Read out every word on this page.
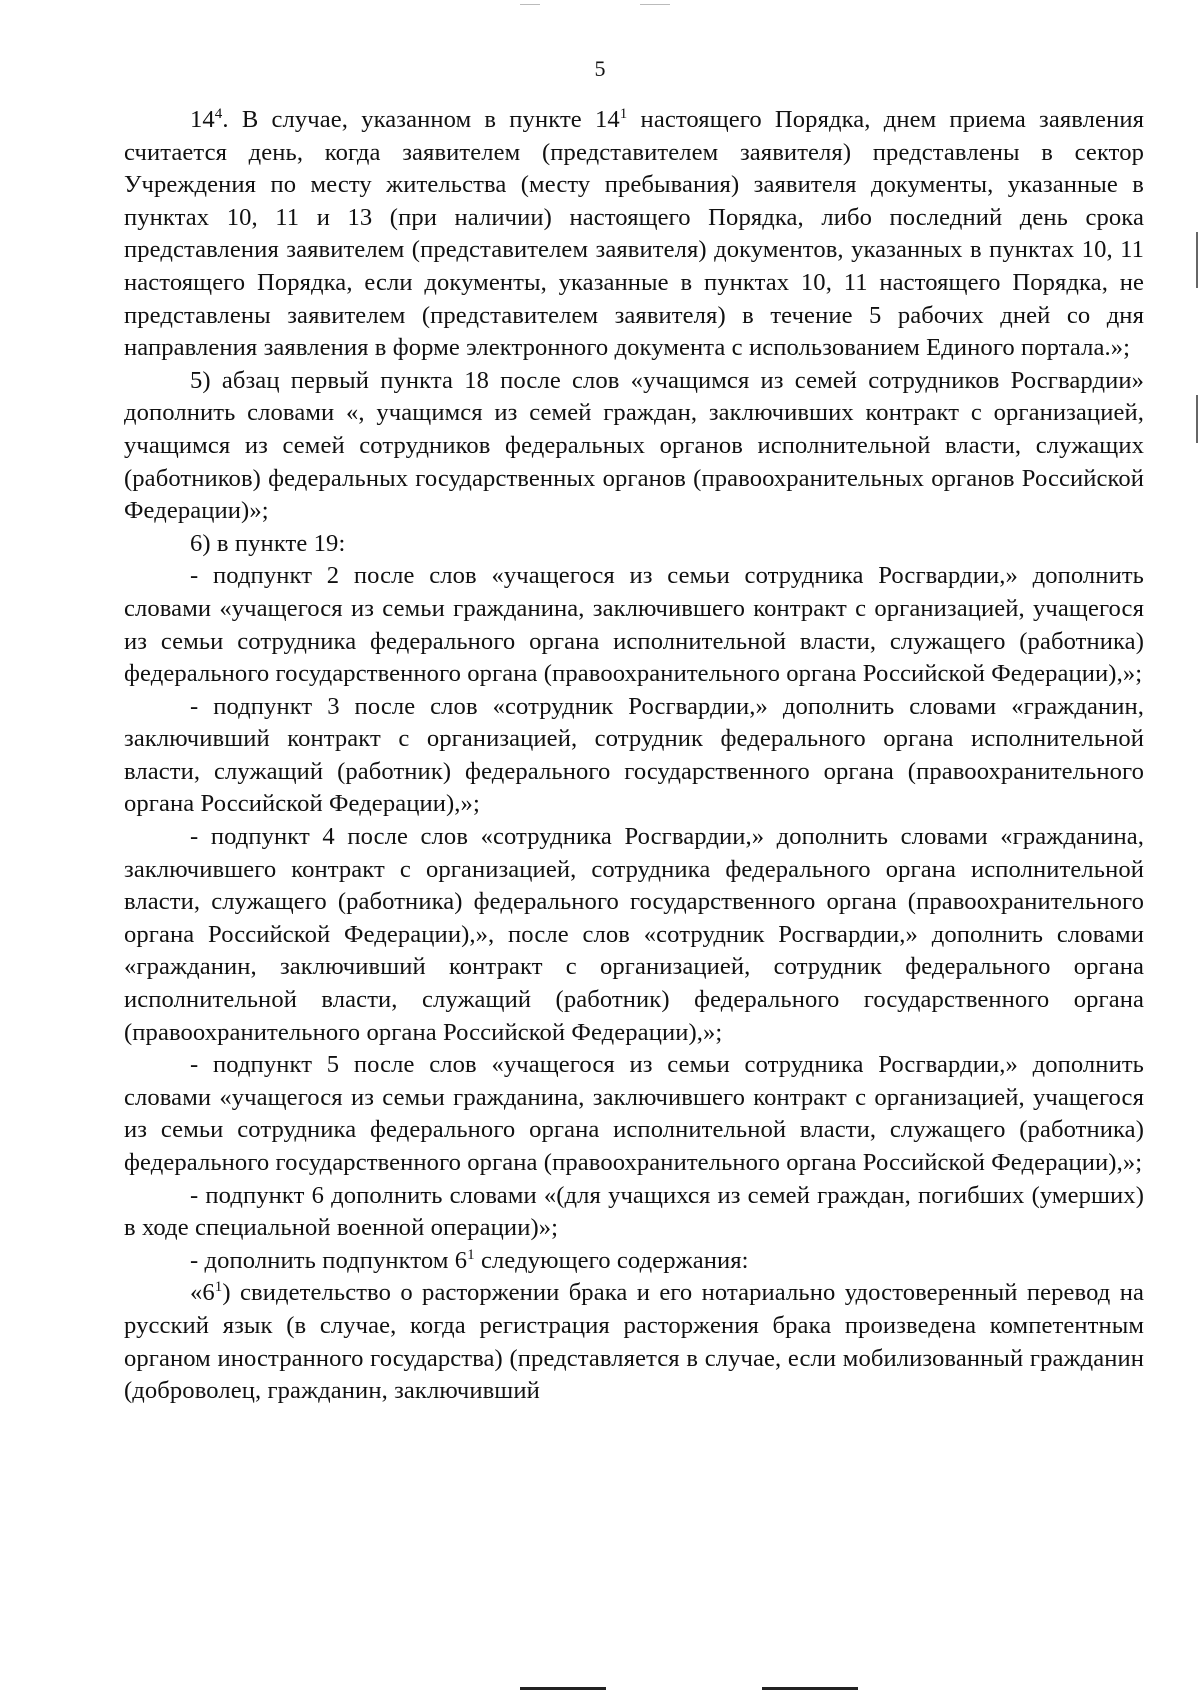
5

$14^4$. В случае, указанном в пункте $14^1$ настоящего Порядка, днем приема заявления считается день, когда заявителем (представителем заявителя) представлены в сектор Учреждения по месту жительства (месту пребывания) заявителя документы, указанные в пунктах 10, 11 и 13 (при наличии) настоящего Порядка, либо последний день срока представления заявителем (представителем заявителя) документов, указанных в пунктах 10, 11 настоящего Порядка, если документы, указанные в пунктах 10, 11 настоящего Порядка, не представлены заявителем (представителем заявителя) в течение 5 рабочих дней со дня направления заявления в форме электронного документа с использованием Единого портала.»;

5) абзац первый пункта 18 после слов «учащимся из семей сотрудников Росгвардии» дополнить словами «, учащимся из семей граждан, заключивших контракт с организацией, учащимся из семей сотрудников федеральных органов исполнительной власти, служащих (работников) федеральных государственных органов (правоохранительных органов Российской Федерации)»;

6) в пункте 19:

- подпункт 2 после слов «учащегося из семьи сотрудника Росгвардии,» дополнить словами «учащегося из семьи гражданина, заключившего контракт с организацией, учащегося из семьи сотрудника федерального органа исполнительной власти, служащего (работника) федерального государственного органа (правоохранительного органа Российской Федерации),»;

- подпункт 3 после слов «сотрудник Росгвардии,» дополнить словами «гражданин, заключивший контракт с организацией, сотрудник федерального органа исполнительной власти, служащий (работник) федерального государственного органа (правоохранительного органа Российской Федерации),»;

- подпункт 4 после слов «сотрудника Росгвардии,» дополнить словами «гражданина, заключившего контракт с организацией, сотрудника федерального органа исполнительной власти, служащего (работника) федерального государственного органа (правоохранительного органа Российской Федерации),», после слов «сотрудник Росгвардии,» дополнить словами «гражданин, заключивший контракт с организацией, сотрудник федерального органа исполнительной власти, служащий (работник) федерального государственного органа (правоохранительного органа Российской Федерации),»;

- подпункт 5 после слов «учащегося из семьи сотрудника Росгвардии,» дополнить словами «учащегося из семьи гражданина, заключившего контракт с организацией, учащегося из семьи сотрудника федерального органа исполнительной власти, служащего (работника) федерального государственного органа (правоохранительного органа Российской Федерации),»;

- подпункт 6 дополнить словами «(для учащихся из семей граждан, погибших (умерших) в ходе специальной военной операции)»;

- дополнить подпунктом $6^1$ следующего содержания:

«$6^1$) свидетельство о расторжении брака и его нотариально удостоверенный перевод на русский язык (в случае, когда регистрация расторжения брака произведена компетентным органом иностранного государства) (представляется в случае, если мобилизованный гражданин (доброволец, гражданин, заключивший
